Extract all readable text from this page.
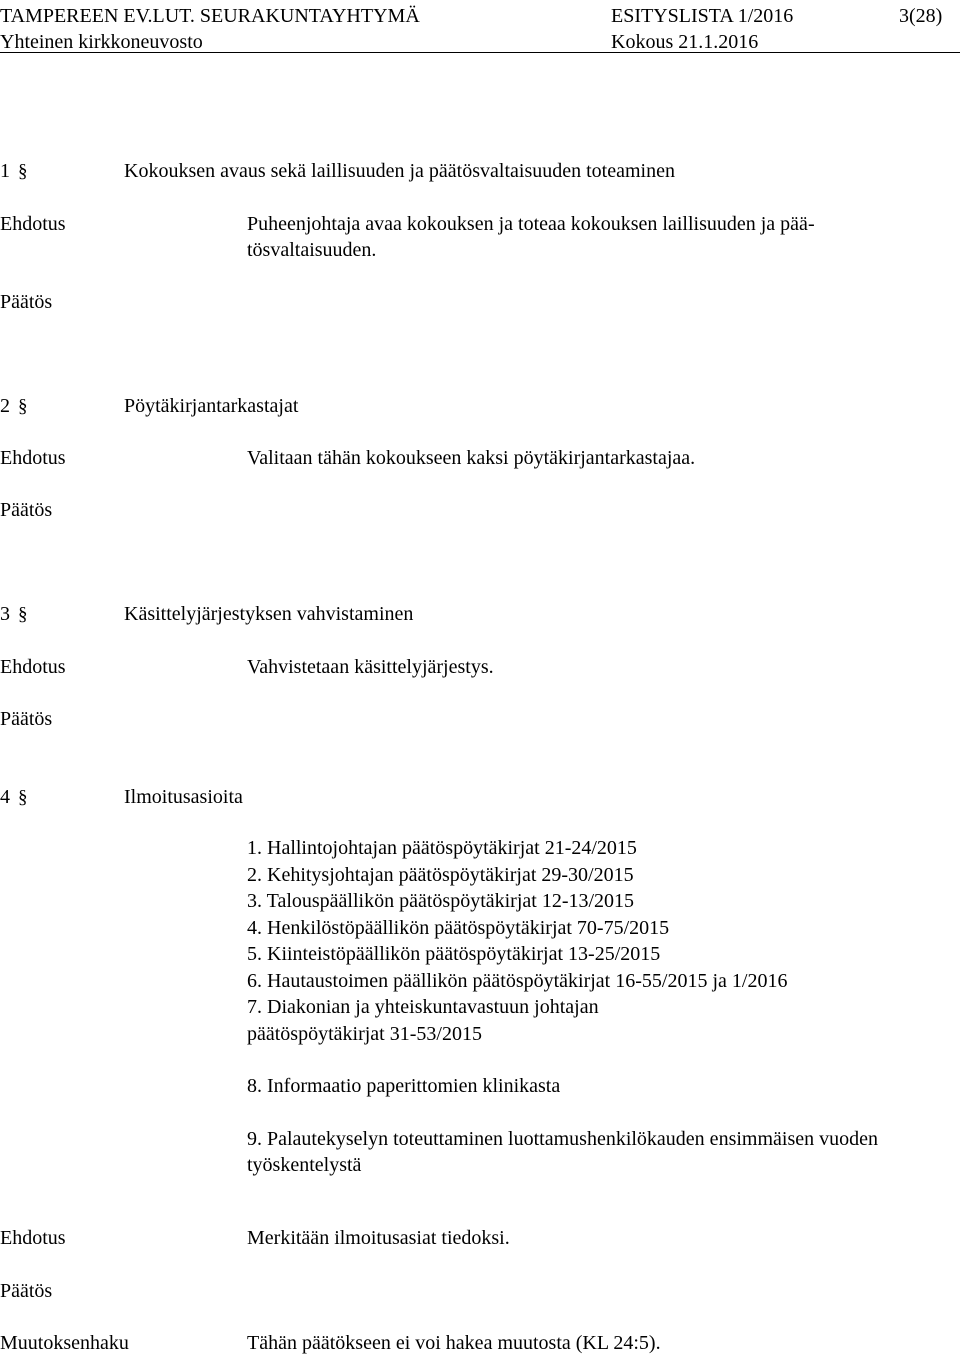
TAMPEREEN EV.LUT. SEURAKUNTAYHTYMÄ	ESITYSLISTA 1/2016	3(28)
Yhteinen kirkkoneuvosto	Kokous 21.1.2016
1 §	Kokouksen avaus sekä laillisuuden ja päätösvaltaisuuden toteaminen
Ehdotus	Puheenjohtaja avaa kokouksen ja toteaa kokouksen laillisuuden ja pää-
tösvaltaisuuden.
Päätös
2 §	Pöytäkirjantarkastajat
Ehdotus	Valitaan tähän kokoukseen kaksi pöytäkirjantarkastajaa.
Päätös
3 §	Käsittelyjärjestyksen vahvistaminen
Ehdotus	Vahvistetaan käsittelyjärjestys.
Päätös
4 §	Ilmoitusasioita
1. Hallintojohtajan päätöspöytäkirjat 21-24/2015
2. Kehitysjohtajan päätöspöytäkirjat 29-30/2015
3. Talouspäällikön päätöspöytäkirjat 12-13/2015
4. Henkilöstöpäällikön päätöspöytäkirjat 70-75/2015
5. Kiinteistöpäällikön päätöspöytäkirjat 13-25/2015
6. Hautaustoimen päällikön päätöspöytäkirjat 16-55/2015 ja 1/2016
7. Diakonian ja yhteiskuntavastuun johtajan päätöspöytäkirjat 31-53/2015
8. Informaatio paperittomien klinikasta
9. Palautekyselyn toteuttaminen luottamushenkilökauden ensimmäisen vuoden työskentelystä
Ehdotus	Merkitään ilmoitusasiat tiedoksi.
Päätös
Muutoksenhaku	Tähän päätökseen ei voi hakea muutosta (KL 24:5).
